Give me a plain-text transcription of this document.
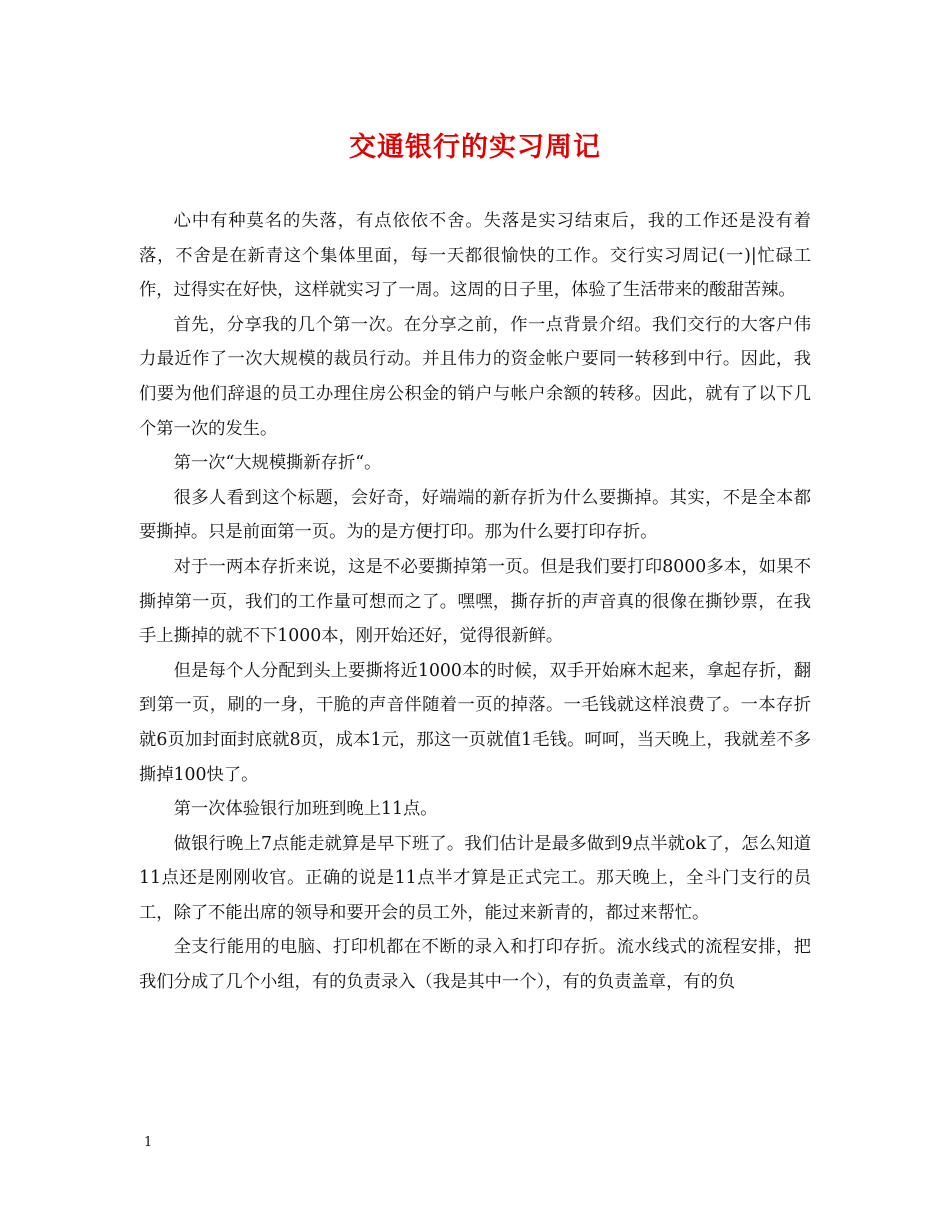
交通银行的实习周记

心中有种莫名的失落，有点依依不舍。失落是实习结束后，我的工作还是没有着落，不舍是在新青这个集体里面，每一天都很愉快的工作。交行实习周记(一)|忙碌工作，过得实在好快，这样就实习了一周。这周的日子里，体验了生活带来的酸甜苦辣。

首先，分享我的几个第一次。在分享之前，作一点背景介绍。我们交行的大客户伟力最近作了一次大规模的裁员行动。并且伟力的资金帐户要同一转移到中行。因此，我们要为他们辞退的员工办理住房公积金的销户与帐户余额的转移。因此，就有了以下几个第一次的发生。

第一次“大规模撕新存折“。

很多人看到这个标题，会好奇，好端端的新存折为什么要撕掉。其实，不是全本都要撕掉。只是前面第一页。为的是方便打印。那为什么要打印存折。

对于一两本存折来说，这是不必要撕掉第一页。但是我们要打印8000多本，如果不撕掉第一页，我们的工作量可想而之了。嘿嘿，撕存折的声音真的很像在撕钞票，在我手上撕掉的就不下1000本，刚开始还好，觉得很新鲜。

但是每个人分配到头上要撕将近1000本的时候，双手开始麻木起来，拿起存折，翻到第一页，刷的一身，干脆的声音伴随着一页的掉落。一毛钱就这样浪费了。一本存折就6页加封面封底就8页，成本1元，那这一页就值1毛钱。呵呵，当天晚上，我就差不多撕掉100快了。

第一次体验银行加班到晚上11点。

做银行晚上7点能走就算是早下班了。我们估计是最多做到9点半就ok了，怎么知道11点还是刚刚收官。正确的说是11点半才算是正式完工。那天晚上，全斗门支行的员工，除了不能出席的领导和要开会的员工外，能过来新青的，都过来帮忙。

全支行能用的电脑、打印机都在不断的录入和打印存折。流水线式的流程安排，把我们分成了几个小组，有的负责录入（我是其中一个），有的负责盖章，有的负

1
